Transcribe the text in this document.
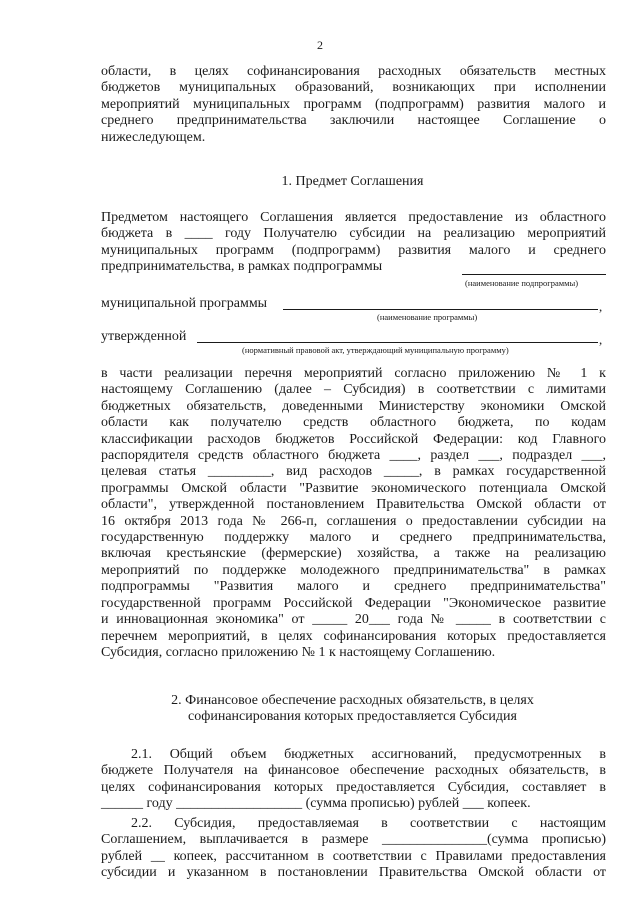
2
области, в целях софинансирования расходных обязательств местных
бюджетов муниципальных образований, возникающих при исполнении
мероприятий муниципальных программ (подпрограмм) развития малого и
среднего предпринимательства заключили настоящее Соглашение о
нижеследующем.
1. Предмет Соглашения
Предметом настоящего Соглашения является предоставление из областного
бюджета в ____ году Получателю субсидии на реализацию мероприятий
муниципальных программ (подпрограмм) развития малого и среднего
предпринимательства, в рамках подпрограммы
(наименование подпрограммы)
муниципальной программы
(наименование программы)
,
утвержденной
(нормативный правовой акт, утверждающий муниципальную программу)
,
в части реализации перечня мероприятий согласно приложению № 1 к
настоящему Соглашению (далее – Субсидия) в соответствии с лимитами
бюджетных обязательств, доведенными Министерству экономики Омской
области как получателю средств областного бюджета, по кодам
классификации расходов бюджетов Российской Федерации: код Главного
распорядителя средств областного бюджета ____, раздел ___, подраздел ___,
целевая статья _________, вид расходов _____, в рамках государственной
программы Омской области "Развитие экономического потенциала Омской
области", утвержденной постановлением Правительства Омской области от
16 октября 2013 года № 266-п, соглашения о предоставлении субсидии на
государственную поддержку малого и среднего предпринимательства,
включая крестьянские (фермерские) хозяйства, а также на реализацию
мероприятий по поддержке молодежного предпринимательства" в рамках
подпрограммы "Развития малого и среднего предпринимательства"
государственной программ Российской Федерации "Экономическое развитие
и инновационная экономика" от _____ 20___ года № _____ в соответствии с
перечнем мероприятий, в целях софинансирования которых предоставляется
Субсидия, согласно приложению № 1 к настоящему Соглашению.
2. Финансовое обеспечение расходных обязательств, в целях
софинансирования которых предоставляется Субсидия
2.1. Общий объем бюджетных ассигнований, предусмотренных в
бюджете Получателя на финансовое обеспечение расходных обязательств, в
целях софинансирования которых предоставляется Субсидия, составляет в
______ году __________________ (сумма прописью) рублей ___ копеек.
2.2. Субсидия, предоставляемая в соответствии с настоящим
Соглашением, выплачивается в размере _______________(сумма прописью)
рублей __ копеек, рассчитанном в соответствии с Правилами предоставления
субсидии и указанном в постановлении Правительства Омской области от
